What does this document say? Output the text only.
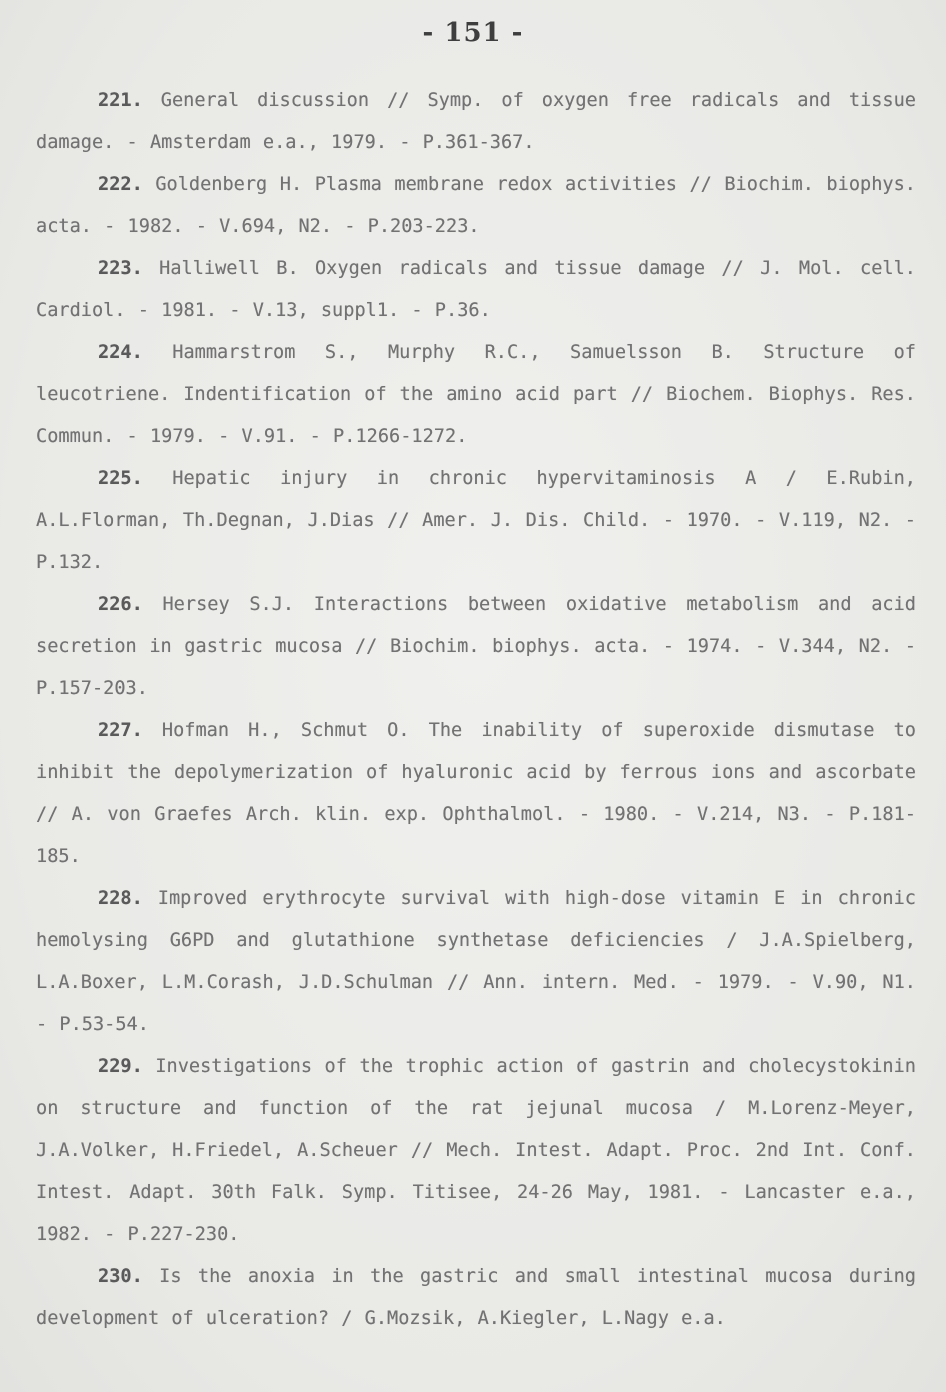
- 151 -

221. General discussion // Symp. of oxygen free radicals and tissue damage. - Amsterdam e.a., 1979. - P.361-367.

222. Goldenberg H. Plasma membrane redox activities // Biochim. biophys. acta. - 1982. - V.694, N2. - P.203-223.

223. Halliwell B. Oxygen radicals and tissue damage // J. Mol. cell. Cardiol. - 1981. - V.13, suppl1. - P.36.

224. Hammarstrom S., Murphy R.C., Samuelsson B. Structure of leucotriene. Indentification of the amino acid part // Biochem. Biophys. Res. Commun. - 1979. - V.91. - P.1266-1272.

225. Hepatic injury in chronic hypervitaminosis A / E.Rubin, A.L.Florman, Th.Degnan, J.Dias // Amer. J. Dis. Child. - 1970. - V.119, N2. - P.132.

226. Hersey S.J. Interactions between oxidative metabolism and acid secretion in gastric mucosa // Biochim. biophys. acta. - 1974. - V.344, N2. - P.157-203.

227. Hofman H., Schmut O. The inability of superoxide dismutase to inhibit the depolymerization of hyaluronic acid by ferrous ions and ascorbate // A. von Graefes Arch. klin. exp. Ophthalmol. - 1980. - V.214, N3. - P.181-185.

228. Improved erythrocyte survival with high-dose vitamin E in chronic hemolysing G6PD and glutathione synthetase deficiencies / J.A.Spielberg, L.A.Boxer, L.M.Corash, J.D.Schulman // Ann. intern. Med. - 1979. - V.90, N1. - P.53-54.

229. Investigations of the trophic action of gastrin and cholecystokinin on structure and function of the rat jejunal mucosa / M.Lorenz-Meyer, J.A.Volker, H.Friedel, A.Scheuer // Mech. Intest. Adapt. Proc. 2nd Int. Conf. Intest. Adapt. 30th Falk. Symp. Titisee, 24-26 May, 1981. - Lancaster e.a., 1982. - P.227-230.

230. Is the anoxia in the gastric and small intestinal mucosa during development of ulceration? / G.Mozsik, A.Kiegler, L.Nagy e.a.
